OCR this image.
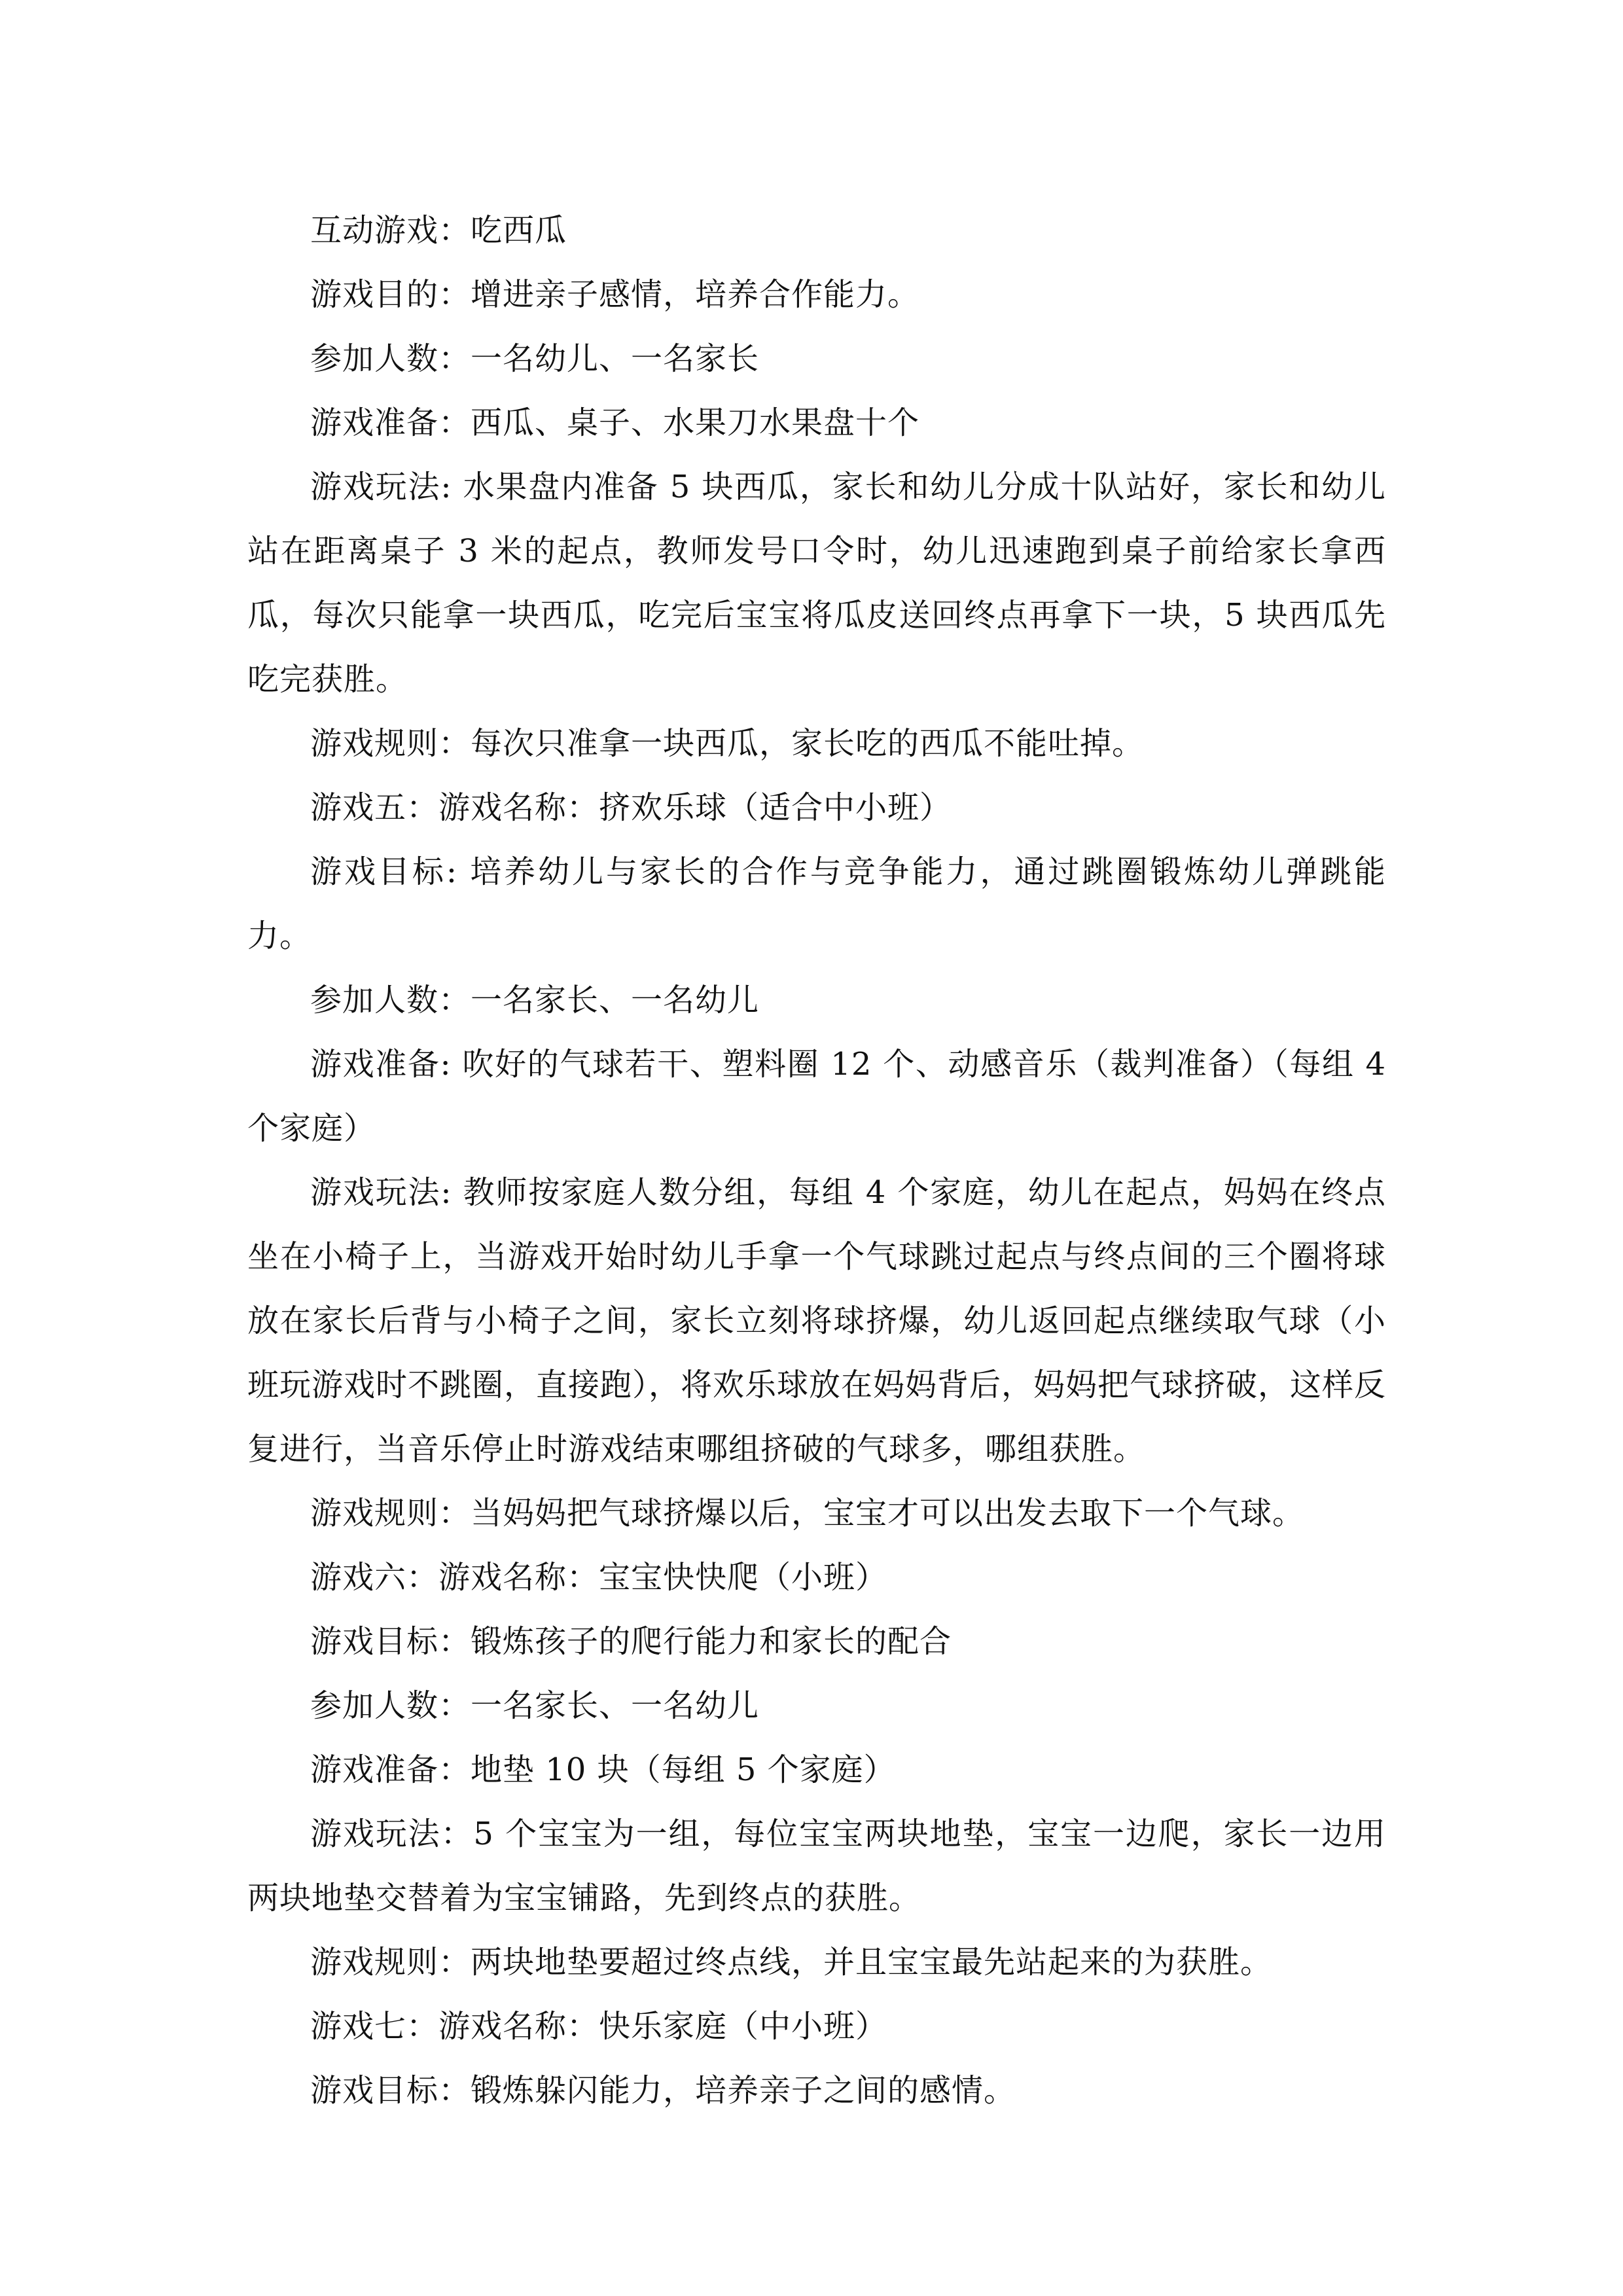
互动游戏：吃西瓜

游戏目的：增进亲子感情，培养合作能力。

参加人数：一名幼儿、一名家长

游戏准备：西瓜、桌子、水果刀水果盘十个

游戏玩法: 水果盘内准备 5 块西瓜，家长和幼儿分成十队站好，家长和幼儿站在距离桌子 3 米的起点，教师发号口令时，幼儿迅速跑到桌子前给家长拿西瓜，每次只能拿一块西瓜，吃完后宝宝将瓜皮送回终点再拿下一块，5 块西瓜先吃完获胜。

游戏规则：每次只准拿一块西瓜，家长吃的西瓜不能吐掉。

游戏五：游戏名称：挤欢乐球（适合中小班）

游戏目标: 培养幼儿与家长的合作与竞争能力，通过跳圈锻炼幼儿弹跳能力。

参加人数：一名家长、一名幼儿

游戏准备: 吹好的气球若干、塑料圈 12 个、动感音乐（裁判准备）（每组 4 个家庭）

游戏玩法: 教师按家庭人数分组，每组 4 个家庭，幼儿在起点，妈妈在终点坐在小椅子上，当游戏开始时幼儿手拿一个气球跳过起点与终点间的三个圈将球放在家长后背与小椅子之间，家长立刻将球挤爆，幼儿返回起点继续取气球（小班玩游戏时不跳圈，直接跑），将欢乐球放在妈妈背后，妈妈把气球挤破，这样反复进行，当音乐停止时游戏结束哪组挤破的气球多，哪组获胜。

游戏规则：当妈妈把气球挤爆以后，宝宝才可以出发去取下一个气球。

游戏六：游戏名称：宝宝快快爬（小班）

游戏目标：锻炼孩子的爬行能力和家长的配合

参加人数：一名家长、一名幼儿

游戏准备：地垫 10 块（每组 5 个家庭）

游戏玩法：5 个宝宝为一组，每位宝宝两块地垫，宝宝一边爬，家长一边用两块地垫交替着为宝宝铺路，先到终点的获胜。

游戏规则：两块地垫要超过终点线，并且宝宝最先站起来的为获胜。

游戏七：游戏名称：快乐家庭（中小班）

游戏目标：锻炼躲闪能力，培养亲子之间的感情。
